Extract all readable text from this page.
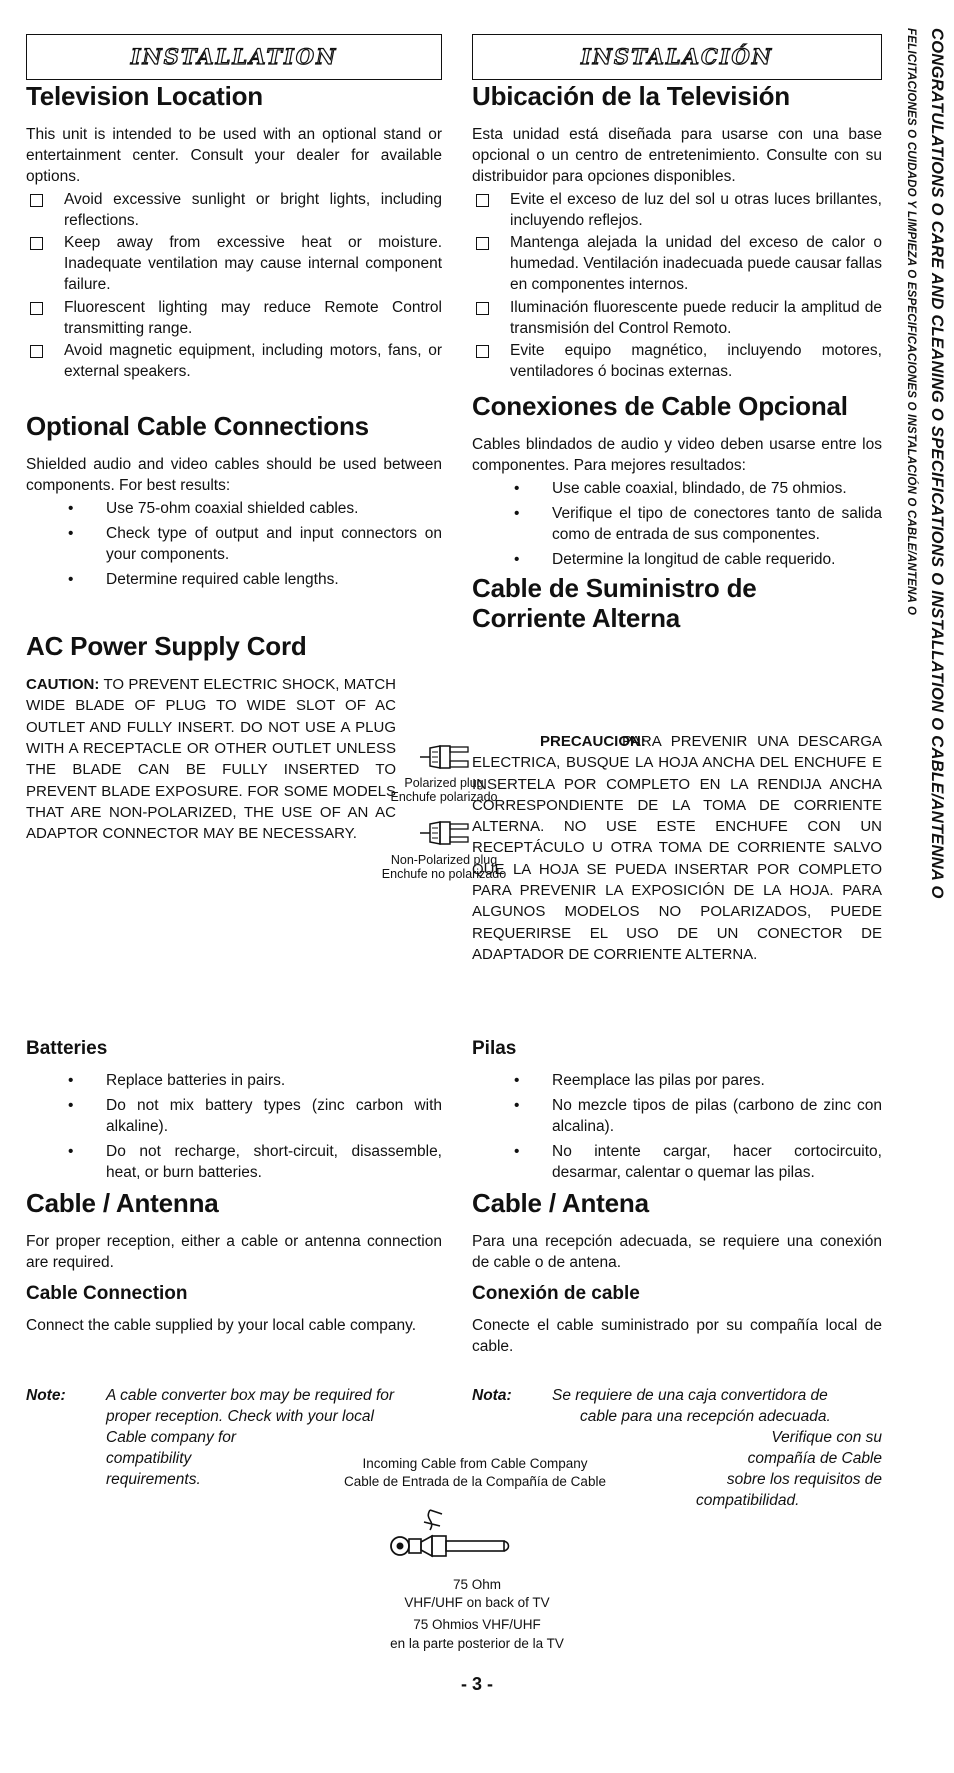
INSTALLATION
Television Location

This unit is intended to be used with an optional stand or entertainment center. Consult your dealer for available options.

Avoid excessive sunlight or bright lights, including reflections.
Keep away from excessive heat or moisture. Inadequate ventilation may cause internal component failure.
Fluorescent lighting may reduce Remote Control transmitting range.
Avoid magnetic equipment, including motors, fans, or external speakers.
Optional Cable Connections

Shielded audio and video cables should be used between components. For best results:

• Use 75-ohm coaxial shielded cables.
• Check type of output and input connectors on your components.
• Determine required cable lengths.
AC Power Supply Cord

CAUTION: TO PREVENT ELECTRIC SHOCK, MATCH WIDE BLADE OF PLUG TO WIDE SLOT OF AC OUTLET AND FULLY INSERT. DO NOT USE A PLUG WITH A RECEPTACLE OR OTHER OUTLET UNLESS THE BLADE CAN BE FULLY INSERTED TO PREVENT BLADE EXPOSURE. FOR SOME MODELS THAT ARE NON-POLARIZED, THE USE OF AN AC ADAPTOR CONNECTOR MAY BE NECESSARY.

Batteries
• Replace batteries in pairs.
• Do not mix battery types (zinc carbon with alkaline).
• Do not recharge, short-circuit, disassemble, heat, or burn batteries.
Cable / Antenna

For proper reception, either a cable or antenna connection are required.

Cable Connection

Connect the cable supplied by your local cable company.

Note:	A cable converter box may be required for
proper reception. Check with your local
Cable company for
compatibility
requirements.
INSTALACIÓN
Ubicación de la Televisión

Esta unidad está diseñada para usarse con una base opcional o un centro de entretenimiento. Consulte con su distribuidor para opciones disponibles.

Evite el exceso de luz del sol u otras luces brillantes, incluyendo reflejos.
Mantenga alejada la unidad del exceso de calor o humedad. Ventilación inadecuada puede causar fallas en componentes internos.
Iluminación fluorescente puede reducir la amplitud de transmisión del Control Remoto.
Evite equipo magnético, incluyendo motores, ventiladores ó bocinas externas.
Conexiones de Cable Opcional

Cables blindados de audio y video deben usarse entre los componentes. Para mejores resultados:

• Use cable coaxial, blindado, de 75 ohmios.
• Verifique el tipo de conectores tanto de salida como de entrada de sus componentes.
• Determine la longitud de cable requerido.
Cable de Suministro de
Corriente Alterna

PRECAUCION:

PARA PREVENIR UNA DESCARGA ELECTRICA, BUSQUE LA HOJA ANCHA DEL ENCHUFE E INSERTELA POR COMPLETO EN LA RENDIJA ANCHA CORRESPONDIENTE DE LA TOMA DE CORRIENTE ALTERNA. NO USE ESTE ENCHUFE CON UN RECEPTÁCULO U OTRA TOMA DE CORRIENTE SALVO QUE LA HOJA SE PUEDA INSERTAR POR COMPLETO PARA PREVENIR LA EXPOSICIÓN DE LA HOJA. PARA ALGUNOS MODELOS NO POLARIZADOS, PUEDE REQUERIRSE EL USO DE UN CONECTOR DE ADAPTADOR DE CORRIENTE ALTERNA.

Pilas
• Reemplace las pilas por pares.
• No mezcle tipos de pilas (carbono de zinc con alcalina).
• No intente cargar, hacer cortocircuito, desarmar, calentar o quemar las pilas.
Cable / Antena

Para una recepción adecuada, se requiere una conexión de cable o de antena.

Conexión de cable

Conecte el cable suministrado por su compañía local de cable.

Nota:	Se requiere de una caja convertidora de
cable para una recepción adecuada.
Verifique con su
compañía de Cable
sobre los requisitos de
compatibilidad.
Polarized plug
Enchufe polarizado
Non-Polarized plug
Enchufe no polarizado
Incoming Cable from Cable Company
Cable de Entrada de la Compañía de Cable
75 Ohm
VHF/UHF on back of TV
75 Ohmios VHF/UHF
en la parte posterior de la TV
- 3 -
CONGRATULATIONS O CARE AND CLEANING O SPECIFICATIONS O INSTALLATION O CABLE/ANTENNA O
FELICITACIONES O CUIDADO Y LIMPIEZA O ESPECIFICACIONES O INSTALACIÓN O CABLE/ANTENA O
